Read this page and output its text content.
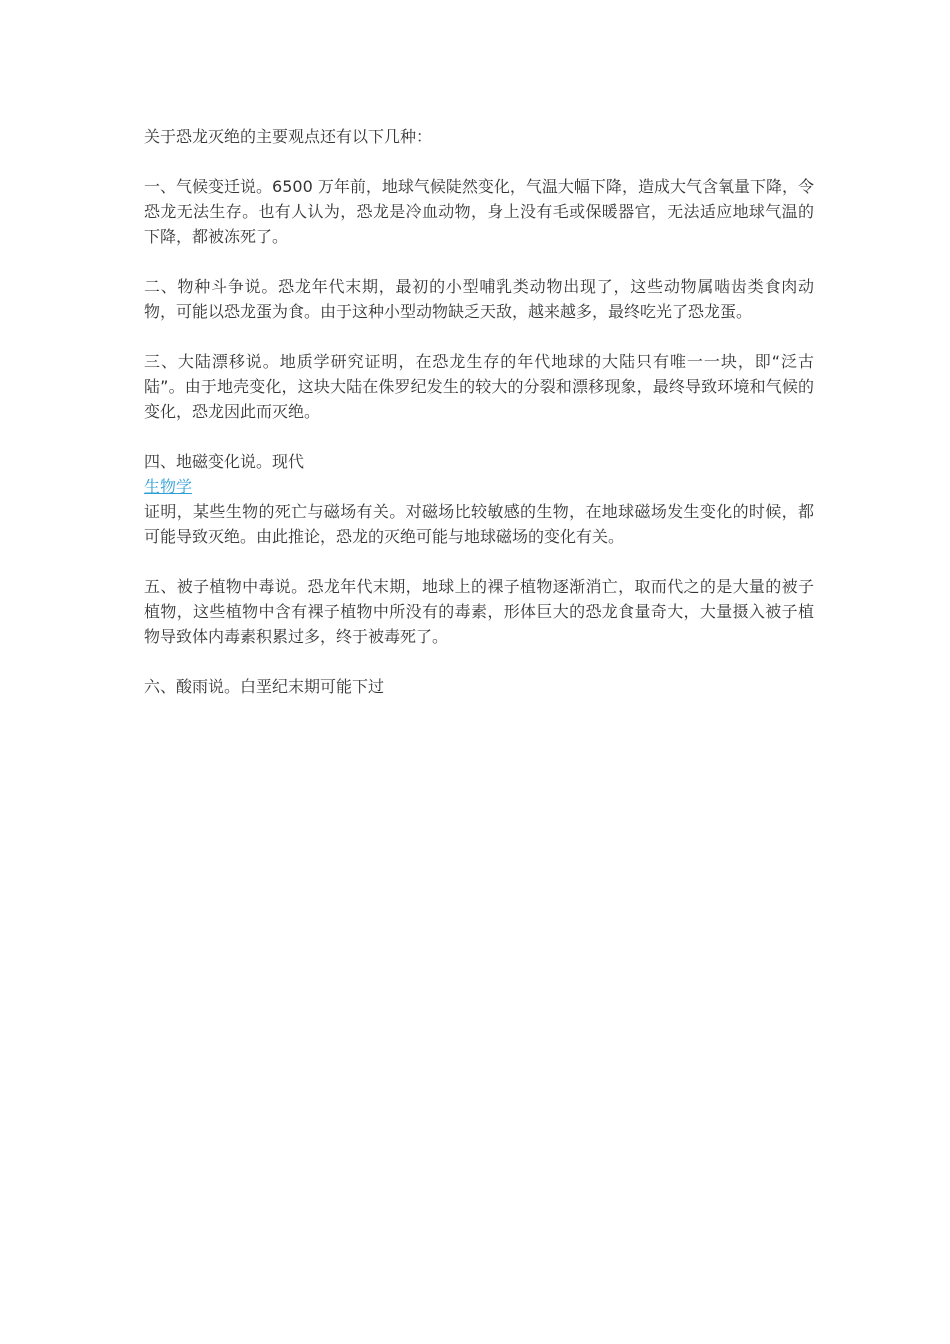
关于恐龙灭绝的主要观点还有以下几种：

一、气候变迁说。6500 万年前，地球气候陡然变化，气温大幅下降，造成大气含氧量下降，令恐龙无法生存。也有人认为，恐龙是冷血动物，身上没有毛或保暖器官，无法适应地球气温的下降，都被冻死了。

二、物种斗争说。恐龙年代末期，最初的小型哺乳类动物出现了，这些动物属啮齿类食肉动物，可能以恐龙蛋为食。由于这种小型动物缺乏天敌，越来越多，最终吃光了恐龙蛋。

三、大陆漂移说。地质学研究证明，在恐龙生存的年代地球的大陆只有唯一一块，即“泛古陆”。由于地壳变化，这块大陆在侏罗纪发生的较大的分裂和漂移现象，最终导致环境和气候的变化，恐龙因此而灭绝。

四、地磁变化说。现代
生物学
证明，某些生物的死亡与磁场有关。对磁场比较敏感的生物，在地球磁场发生变化的时候，都可能导致灭绝。由此推论，恐龙的灭绝可能与地球磁场的变化有关。

五、被子植物中毒说。恐龙年代末期，地球上的裸子植物逐渐消亡，取而代之的是大量的被子植物，这些植物中含有裸子植物中所没有的毒素，形体巨大的恐龙食量奇大，大量摄入被子植物导致体内毒素积累过多，终于被毒死了。

六、酸雨说。白垩纪末期可能下过
